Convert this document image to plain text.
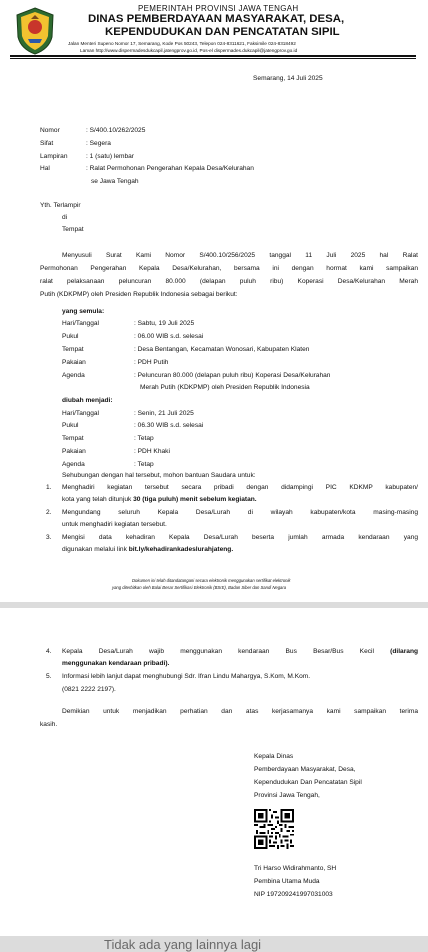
PEMERINTAH PROVINSI JAWA TENGAH
DINAS PEMBERDAYAAN MASYARAKAT, DESA,
KEPENDUDUKAN DAN PENCATATAN SIPIL
Jalan Menteri Supeno Nomor 17, Semarang, Kode Pos 50243, Telepon 024-8311621, Faksimile 024-8318492
Laman http://www.dispermadesdukcapil.jatengprov.go.id, Pos-el dispermades.dukcapil@jatengprov.go.id
Semarang, 14 Juli 2025
Nomor	: S/400.10/262/2025
Sifat	: Segera
Lampiran	: 1 (satu) lembar
Hal	: Ralat Permohonan Pengerahan Kepala Desa/Kelurahan
se Jawa Tengah
Yth. Terlampir
di
Tempat
Menyusuli Surat Kami Nomor S/400.10/256/2025 tanggal 11 Juli 2025 hal Ralat
Permohonan Pengerahan Kepala Desa/Kelurahan, bersama ini dengan hormat kami sampaikan
ralat pelaksanaan peluncuran 80.000 (delapan puluh ribu) Koperasi Desa/Kelurahan Merah
Putih (KDKPMP) oleh Presiden Republik Indonesia sebagai berikut:
yang semula:
Hari/Tanggal	: Sabtu, 19 Juli 2025
Pukul	: 06.00 WIB s.d. selesai
Tempat	: Desa Bentangan, Kecamatan Wonosari, Kabupaten Klaten
Pakaian	: PDH Putih
Agenda	: Peluncuran 80.000 (delapan puluh ribu) Koperasi Desa/Kelurahan
Merah Putih (KDKPMP) oleh Presiden Republik Indonesia
diubah menjadi:
Hari/Tanggal	: Senin, 21 Juli 2025
Pukul	: 06.30 WIB s.d. selesai
Tempat	: Tetap
Pakaian	: PDH Khaki
Agenda	: Tetap
Sehubungan dengan hal tersebut, mohon bantuan Saudara untuk:
1. Menghadiri kegiatan tersebut secara pribadi dengan didampingi PIC KDKMP kabupaten/
kota yang telah ditunjuk 30 (tiga puluh) menit sebelum kegiatan.
2. Mengundang seluruh Kepala Desa/Lurah di wilayah kabupaten/kota masing-masing
untuk menghadiri kegiatan tersebut.
3. Mengisi data kehadiran Kepala Desa/Lurah beserta jumlah armada kendaraan yang
digunakan melalui link bit.ly/kehadirankadeslurahjateng.
Dokumen ini telah ditandatangani secara elektronik menggunakan sertifikat elektronik
yang diterbitkan oleh Balai Besar Sertifikasi Elektronik (BSrE), Badan Siber dan Sandi Negara
4. Kepala Desa/Lurah wajib menggunakan kendaraan Bus Besar/Bus Kecil (dilarang
menggunakan kendaraan pribadi).
5. Informasi lebih lanjut dapat menghubungi Sdr. Ifran Lindu Mahargya, S.Kom, M.Kom.
(0821 2222 2197).
Demikian untuk menjadikan perhatian dan atas kerjasamanya kami sampaikan terima
kasih.
Kepala Dinas
Pemberdayaan Masyarakat, Desa,
Kependudukan Dan Pencatatan Sipil
Provinsi Jawa Tengah,
Tri Harso Widirahmanto, SH
Pembina Utama Muda
NIP 197209241997031003
Tidak ada yang lainnya lagi
